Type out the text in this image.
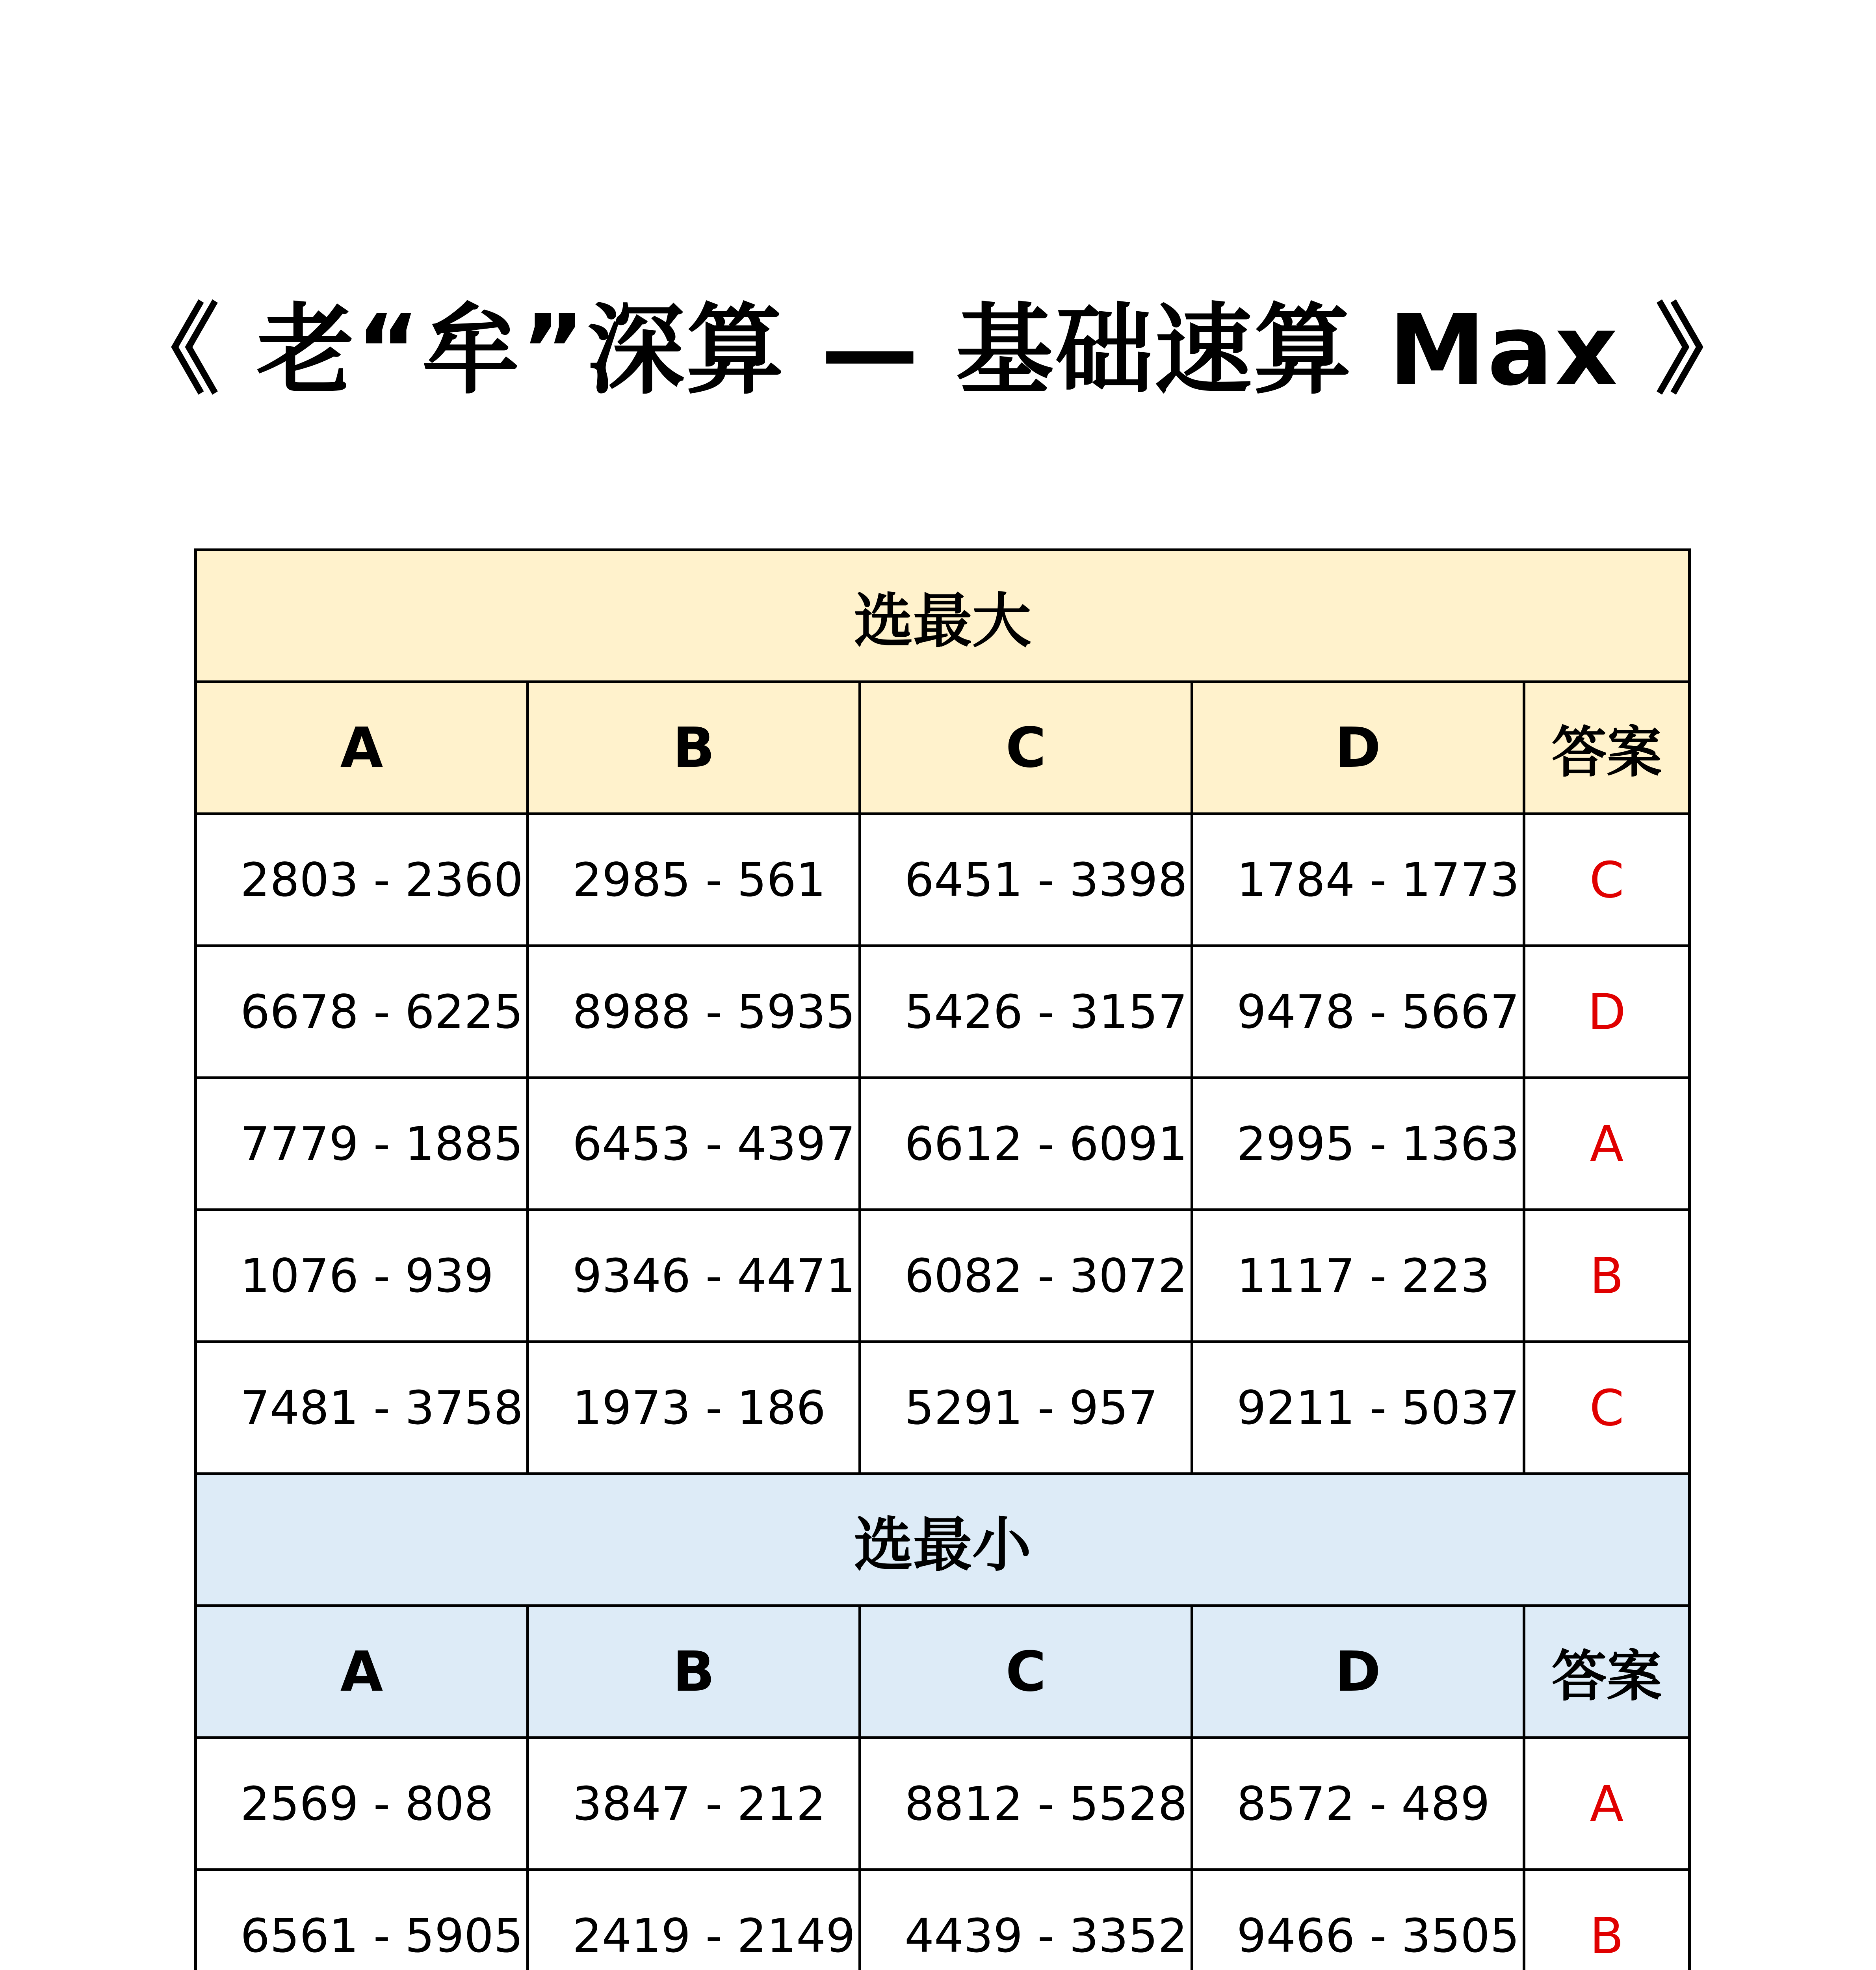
《 老“牟”深算 — 基础速算 Max 》
选最大				
A	B	C	D	答案
2803 - 2360	2985 - 561	6451 - 3398	1784 - 1773	C
6678 - 6225	8988 - 5935	5426 - 3157	9478 - 5667	D
7779 - 1885	6453 - 4397	6612 - 6091	2995 - 1363	A
1076 - 939	9346 - 4471	6082 - 3072	1117 - 223	B
7481 - 3758	1973 - 186	5291 - 957	9211 - 5037	C
选最小				
A	B	C	D	答案
2569 - 808	3847 - 212	8812 - 5528	8572 - 489	A
6561 - 5905	2419 - 2149	4439 - 3352	9466 - 3505	B
